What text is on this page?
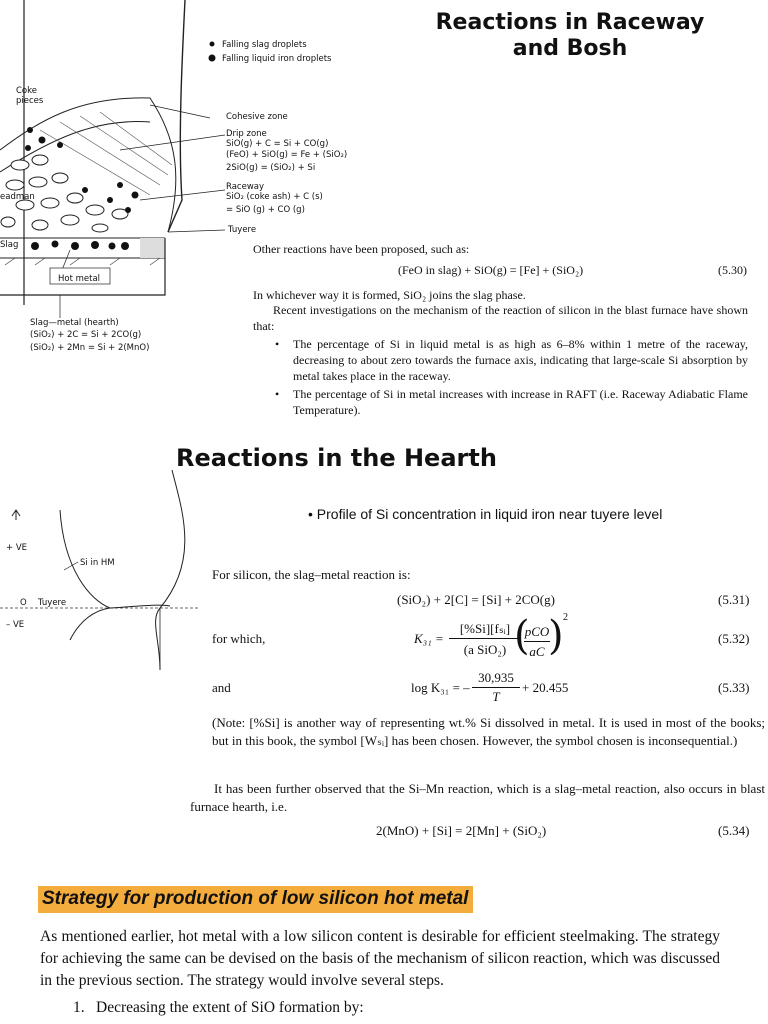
Falling slag droplets
Falling liquid iron droplets
Coke
pieces
Cohesive zone
Drip zone
SiO(g) + C = Si + CO(g)
(FeO) + SiO(g) = Fe + (SiO₂)
2SiO(g) = (SiO₂) + Si
Raceway
SiO₂ (coke ash) + C (s)
= SiO (g) + CO (g)
eadman
Tuyere
Slag
Hot metal
Slag—metal (hearth)
(SiO₂) + 2C = Si + 2CO(g)
(SiO₂) + 2Mn = Si + 2(MnO)
Reactions in Raceway
and Bosh
Other reactions have been proposed, such as:
(FeO in slag) + SiO(g) = [Fe] + (SiO₂)	(5.30)
In whichever way it is formed, SiO₂ joins the slag phase.
Recent investigations on the mechanism of the reaction of silicon in the blast furnace have shown that:
• The percentage of Si in liquid metal is as high as 6–8% within 1 metre of the raceway, decreasing to about zero towards the furnace axis, indicating that large-scale Si absorption by metal takes place in the raceway.
• The percentage of Si in metal increases with increase in RAFT (i.e. Raceway Adiabatic Flame Temperature).
Reactions in the Hearth
+ VE
O Tuyere
– VE
Si in HM
• Profile of Si concentration in liquid iron near tuyere level
For silicon, the slag–metal reaction is:
(SiO₂) + 2[C] = [Si] + 2CO(g)	(5.31)
for which,	K₃₁ =
[%Si][fₛᵢ]
(a SiO₂) (
pCO
aC ) 2
(5.32)
and	log K₃₁ = –
30,935
T
+ 20.455	(5.33)
(Note: [%Si] is another way of representing wt.% Si dissolved in metal. It is used in most of the books; but in this book, the symbol [Wₛᵢ] has been chosen. However, the symbol chosen is inconsequential.)
It has been further observed that the Si–Mn reaction, which is a slag–metal reaction, also occurs in blast furnace hearth, i.e.
2(MnO) + [Si] = 2[Mn] + (SiO₂)	(5.34)
Strategy for production of low silicon hot metal
As mentioned earlier, hot metal with a low silicon content is desirable for efficient steelmaking. The strategy for achieving the same can be devised on the basis of the mechanism of silicon reaction, which was discussed in the previous section. The strategy would involve several steps.
1. Decreasing the extent of SiO formation by:
